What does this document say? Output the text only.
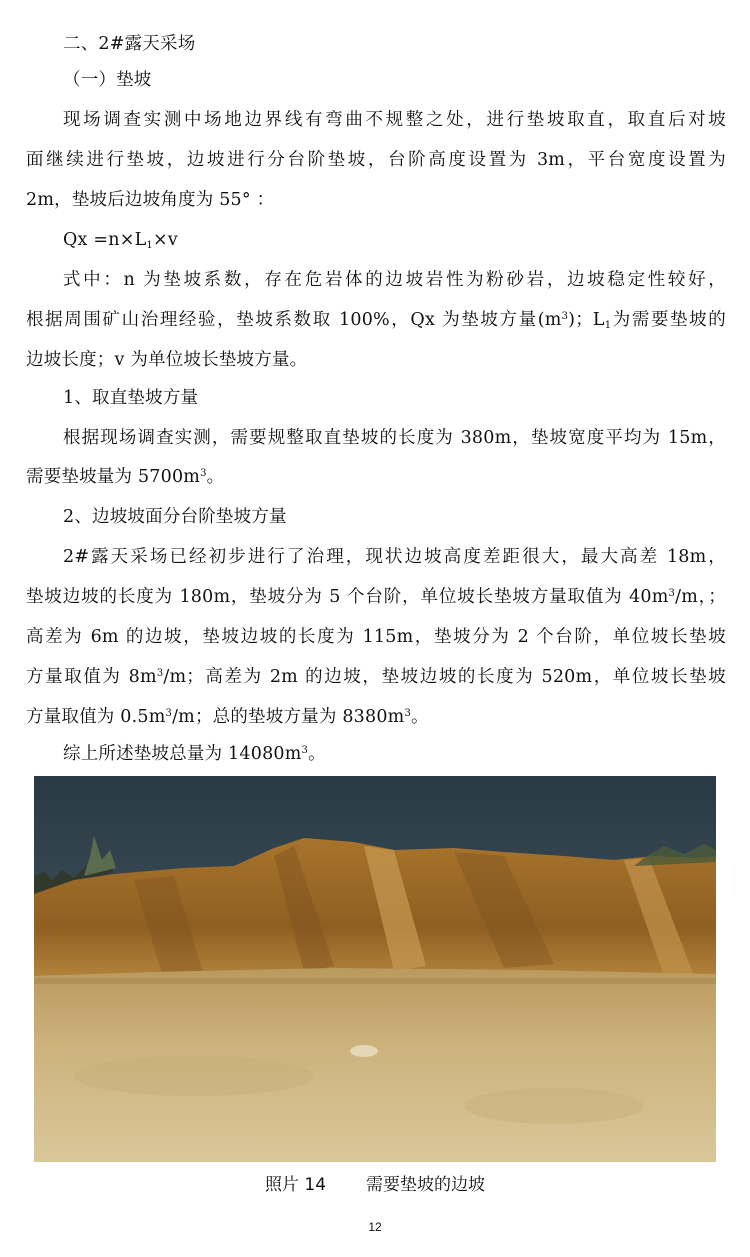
二、2#露天采场
（一）垫坡
现场调查实测中场地边界线有弯曲不规整之处，进行垫坡取直，取直后对坡
面继续进行垫坡，边坡进行分台阶垫坡，台阶高度设置为 3m，平台宽度设置为
2m，垫坡后边坡角度为 55° ：
$Qx =n\times L_1\times v$
式中：n 为垫坡系数，存在危岩体的边坡岩性为粉砂岩，边坡稳定性较好，
根据周围矿山治理经验，垫坡系数取 100%，Qx 为垫坡方量$(m^3)$；$L_1$为需要垫坡的
边坡长度；v 为单位坡长垫坡方量。
1、取直垫坡方量
根据现场调查实测，需要规整取直垫坡的长度为 380m，垫坡宽度平均为 15m，
需要垫坡量为 $5700m^3$。
2、边坡坡面分台阶垫坡方量
2#露天采场已经初步进行了治理，现状边坡高度差距很大，最大高差 18m，
垫坡边坡的长度为 180m，垫坡分为 5 个台阶，单位坡长垫坡方量取值为 $40m^3/m$，；
高差为 6m 的边坡，垫坡边坡的长度为 115m，垫坡分为 2 个台阶，单位坡长垫坡
方量取值为 $8m^3/m$；高差为 2m 的边坡，垫坡边坡的长度为 520m，单位坡长垫坡
方量取值为 $0.5m^3/m$；总的垫坡方量为 $8380m^3$。
综上所述垫坡总量为 $14080m^3$。
照片 14 需要垫坡的边坡
12
